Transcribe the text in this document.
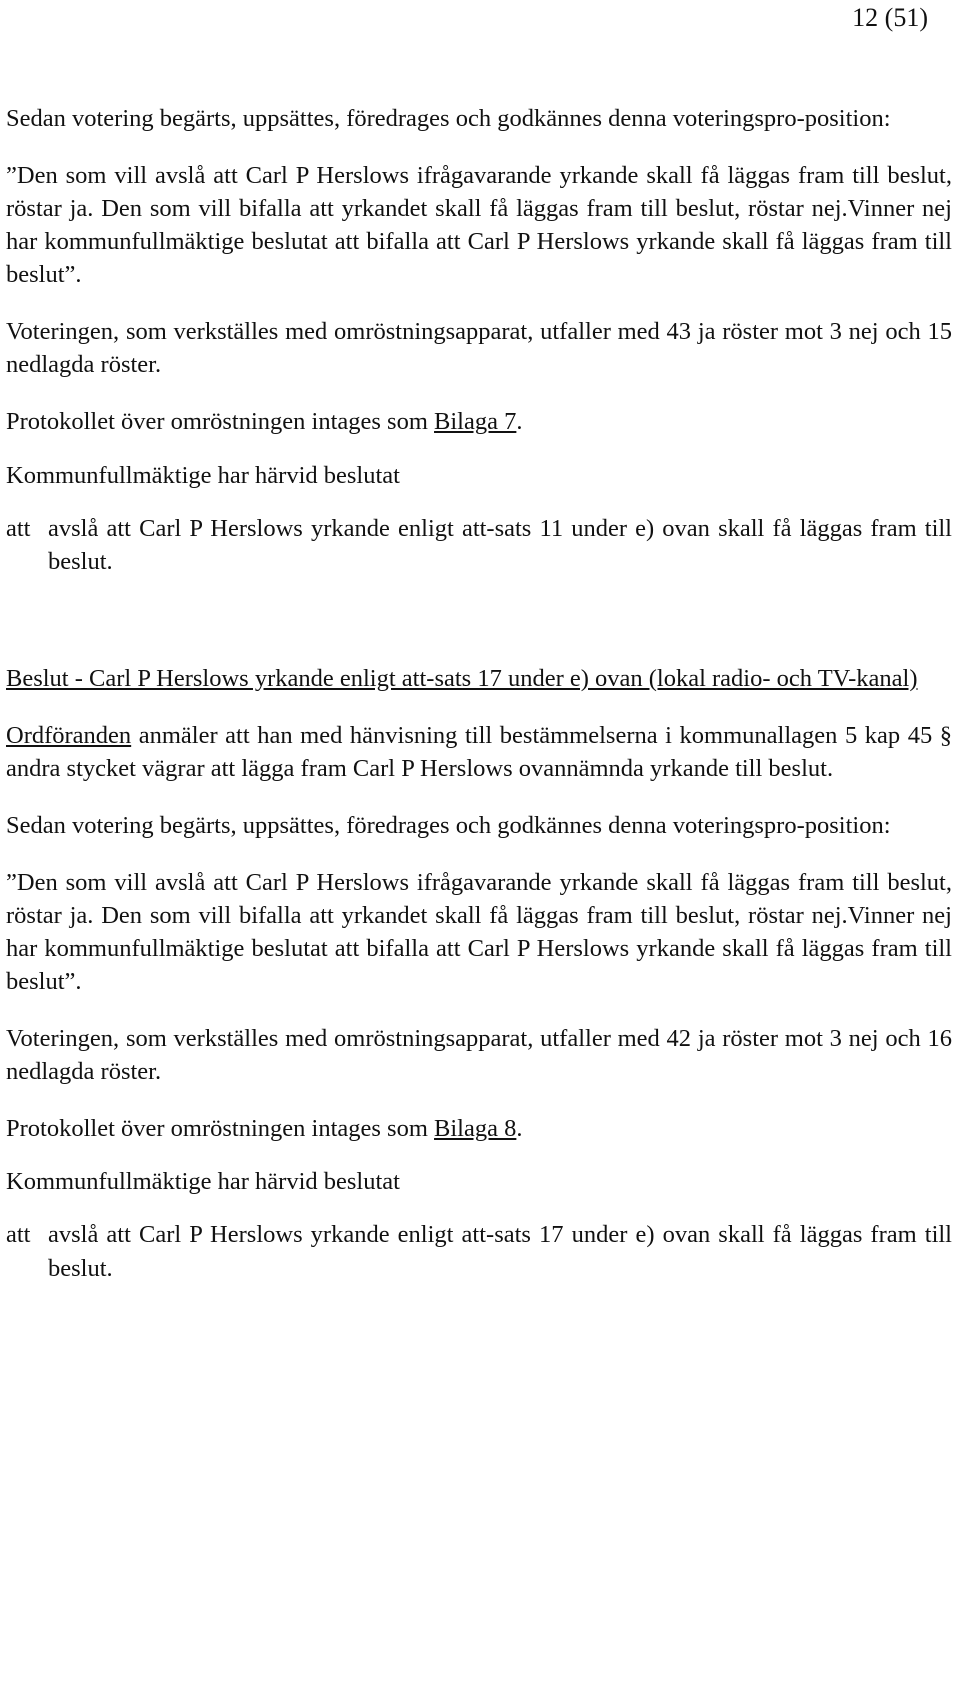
12 (51)

Sedan votering begärts, uppsättes, föredrages och godkännes denna voteringspro-position:

”Den som vill avslå att Carl P Herslows ifrågavarande yrkande skall få läggas fram till beslut, röstar ja. Den som vill bifalla att yrkandet skall få läggas fram till beslut, röstar nej.Vinner nej har kommunfullmäktige beslutat att bifalla att Carl P Herslows yrkande skall få läggas fram till beslut”.

Voteringen, som verkställes med omröstningsapparat, utfaller med 43 ja röster mot 3 nej och 15 nedlagda röster.

Protokollet över omröstningen intages som Bilaga 7.

Kommunfullmäktige har härvid beslutat

att avslå att Carl P Herslows yrkande enligt att-sats 11 under e) ovan skall få läggas fram till beslut.

Beslut - Carl P Herslows yrkande enligt att-sats 17 under e) ovan (lokal radio- och TV-kanal)

Ordföranden anmäler att han med hänvisning till bestämmelserna i kommunallagen 5 kap 45 § andra stycket vägrar att lägga fram Carl P Herslows ovannämnda yrkande till beslut.

Sedan votering begärts, uppsättes, föredrages och godkännes denna voteringspro-position:

”Den som vill avslå att Carl P Herslows ifrågavarande yrkande skall få läggas fram till beslut, röstar ja. Den som vill bifalla att yrkandet skall få läggas fram till beslut, röstar nej.Vinner nej har kommunfullmäktige beslutat att bifalla att Carl P Herslows yrkande skall få läggas fram till beslut”.

Voteringen, som verkställes med omröstningsapparat, utfaller med 42 ja röster mot 3 nej och 16 nedlagda röster.

Protokollet över omröstningen intages som Bilaga 8.

Kommunfullmäktige har härvid beslutat

att avslå att Carl P Herslows yrkande enligt att-sats 17 under e) ovan skall få läggas fram till beslut.
